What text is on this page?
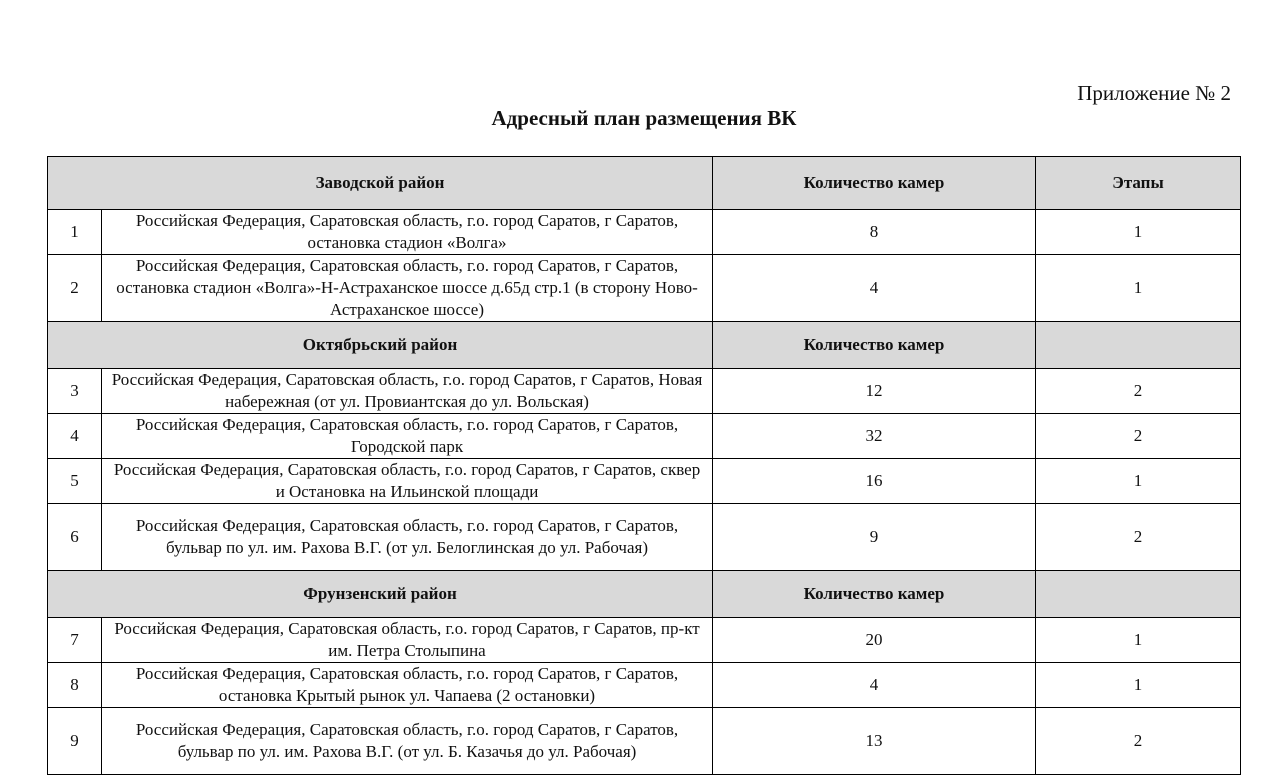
Приложение № 2
Адресный план размещения ВК
Заводской район		Количество камер	Этапы
1	Российская Федерация, Саратовская область, г.о. город Саратов, г Саратов, остановка стадион «Волга»	8	1
2	Российская Федерация, Саратовская область, г.о. город Саратов, г Саратов, остановка стадион «Волга»-Н-Астраханское шоссе д.65д стр.1 (в сторону Ново-Астраханское шоссе)	4	1
Октябрьский район		Количество камер	
3	Российская Федерация, Саратовская область, г.о. город Саратов, г Саратов, Новая набережная (от ул. Провиантская до ул. Вольская)	12	2
4	Российская Федерация, Саратовская область, г.о. город Саратов, г Саратов, Городской парк	32	2
5	Российская Федерация, Саратовская область, г.о. город Саратов, г Саратов, сквер и Остановка на Ильинской площади	16	1
6	Российская Федерация, Саратовская область, г.о. город Саратов, г Саратов, бульвар по ул. им. Рахова В.Г. (от ул. Белоглинская до ул. Рабочая)	9	2
Фрунзенский район		Количество камер	
7	Российская Федерация, Саратовская область, г.о. город Саратов, г Саратов, пр-кт им. Петра Столыпина	20	1
8	Российская Федерация, Саратовская область, г.о. город Саратов, г Саратов, остановка Крытый рынок ул. Чапаева (2 остановки)	4	1
9	Российская Федерация, Саратовская область, г.о. город Саратов, г Саратов, бульвар по ул. им. Рахова В.Г. (от ул. Б. Казачья до ул. Рабочая)	13	2
